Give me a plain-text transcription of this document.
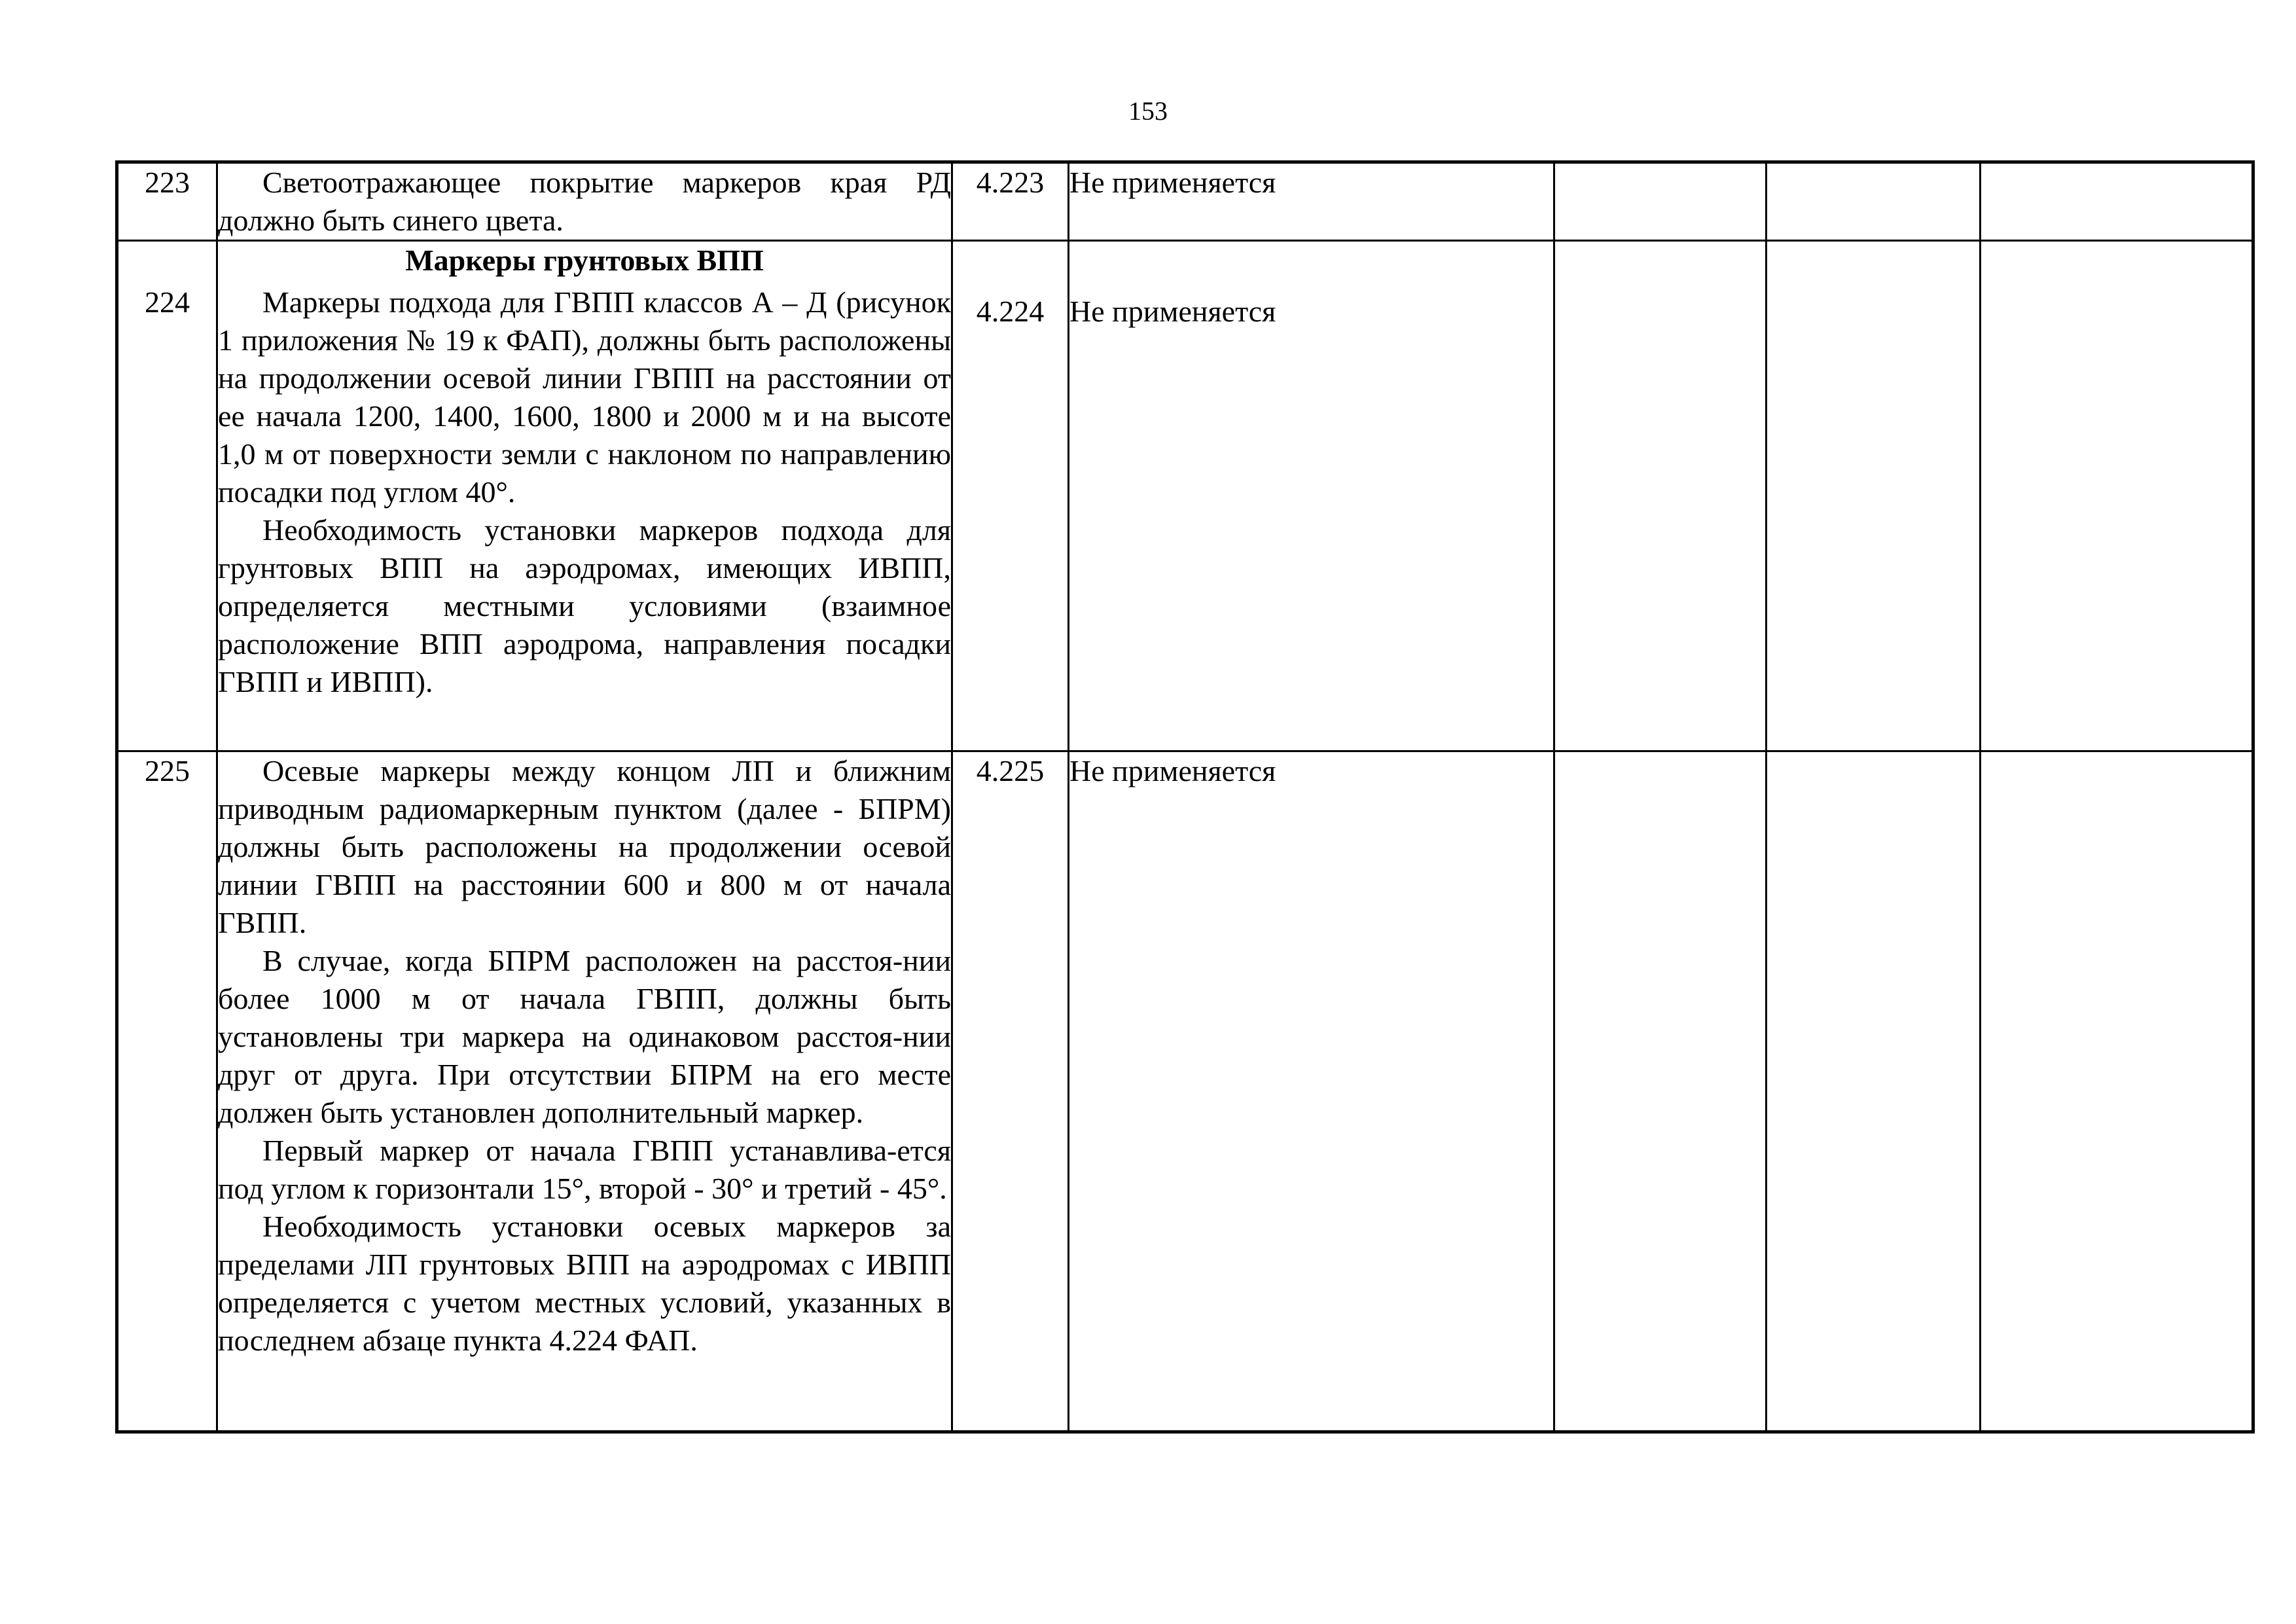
153
223	Светоотражающее покрытие маркеров края РД должно быть синего цвета.	4.223	Не применяется			

224	Маркеры грунтовых ВПП
Маркеры подхода для ГВПП классов А – Д (рисунок 1 приложения № 19 к ФАП), должны быть расположены на продолжении осевой линии ГВПП на расстоянии от ее начала 1200, 1400, 1600, 1800 и 2000 м и на высоте 1,0 м от поверхности земли с наклоном по направлению посадки под углом 40°.
Необходимость установки маркеров подхода для грунтовых ВПП на аэродромах, имеющих ИВПП, определяется местными условиями (взаимное расположение ВПП аэродрома, направления посадки ГВПП и ИВПП).	4.224	Не применяется			

225	Осевые маркеры между концом ЛП и ближним приводным радиомаркерным пунктом (далее - БПРМ) должны быть расположены на продолжении осевой линии ГВПП на расстоянии 600 и 800 м от начала ГВПП.
В случае, когда БПРМ расположен на расстоя-нии более 1000 м от начала ГВПП, должны быть установлены три маркера на одинаковом расстоя-нии друг от друга. При отсутствии БПРМ на его месте должен быть установлен дополнительный маркер.
Первый маркер от начала ГВПП устанавлива-ется под углом к горизонтали 15°, второй - 30° и третий - 45°.
Необходимость установки осевых маркеров за пределами ЛП грунтовых ВПП на аэродромах с ИВПП определяется с учетом местных условий, указанных в последнем абзаце пункта 4.224 ФАП.	4.225	Не применяется			
